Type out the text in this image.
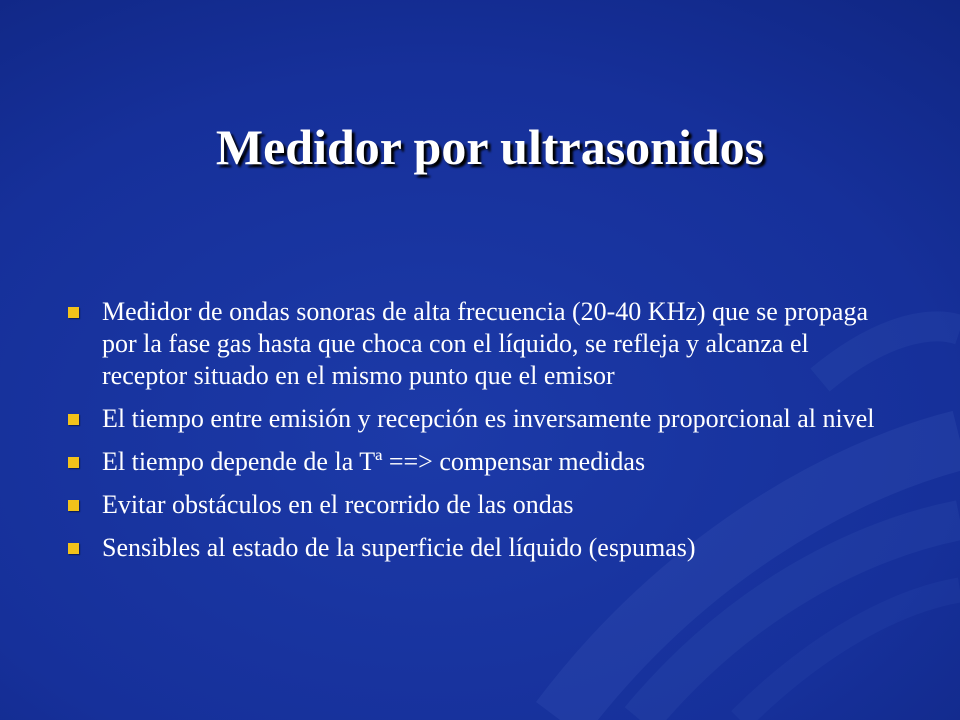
Medidor por ultrasonidos
Medidor de ondas sonoras de alta frecuencia (20-40 KHz) que se propaga por la fase gas hasta que choca con el líquido, se refleja y alcanza el receptor situado en el mismo punto que el emisor
El tiempo entre emisión y recepción es inversamente proporcional al nivel
El tiempo depende de la Tª ==> compensar medidas
Evitar obstáculos en el recorrido de las ondas
Sensibles al estado de la superficie del líquido (espumas)
